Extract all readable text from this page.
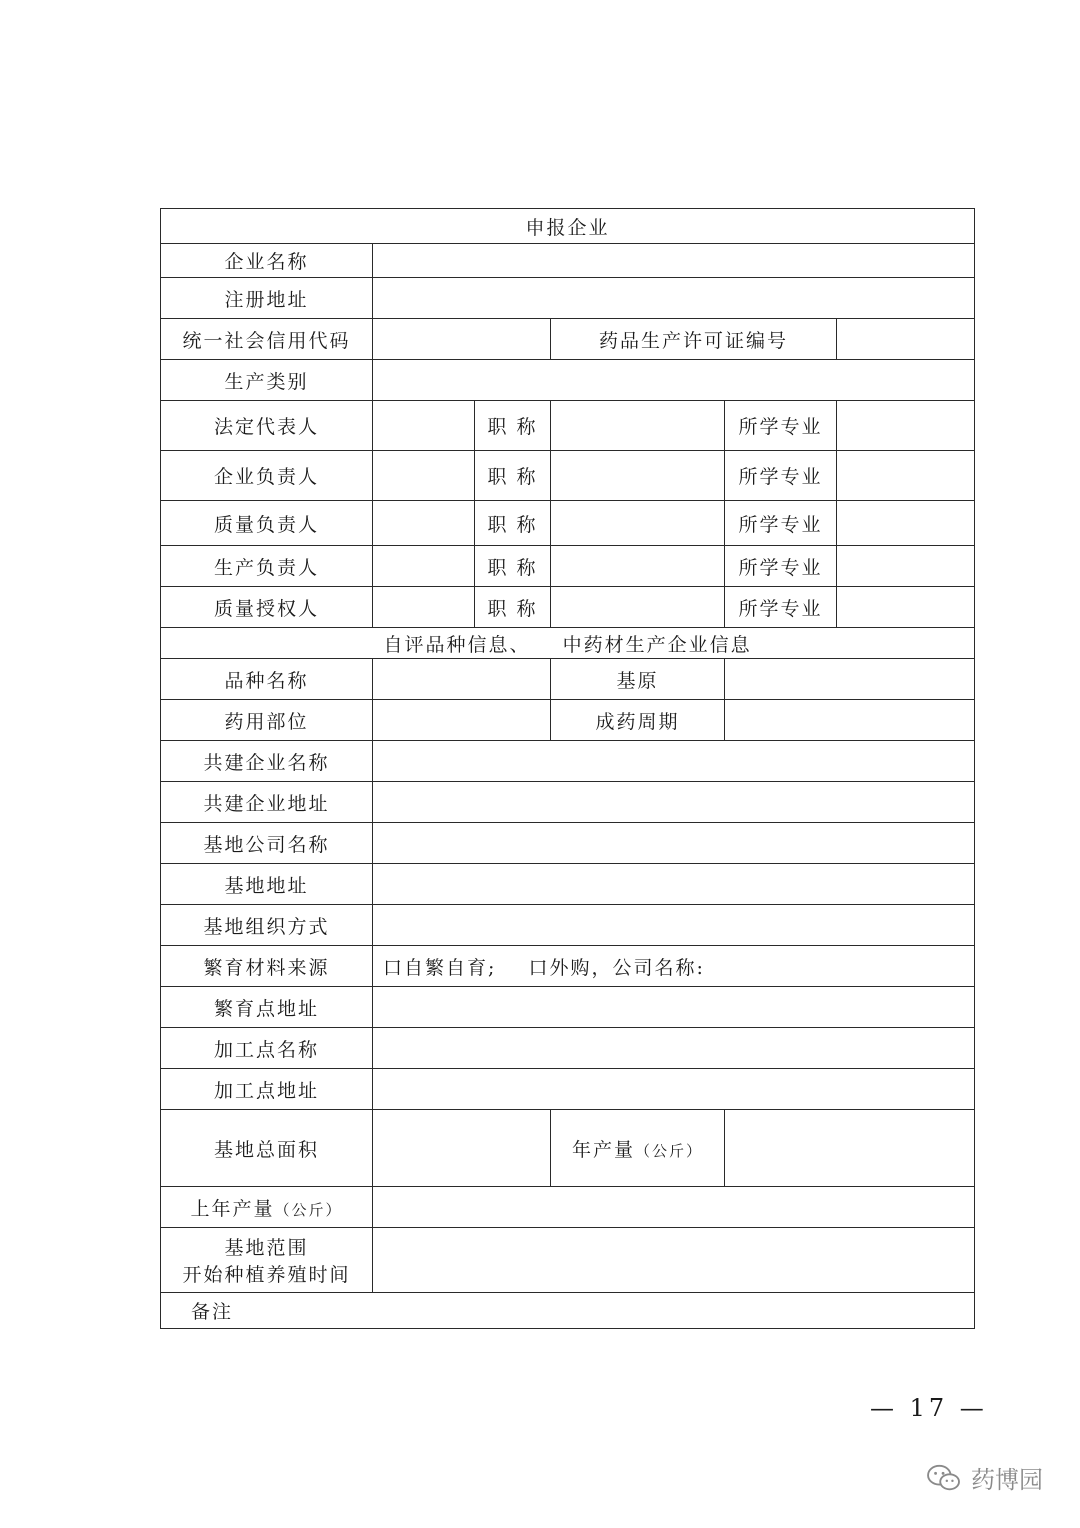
申报企业					
企业名称					
注册地址					
统一社会信用代码			药品生产许可证编号		
生产类别					
法定代表人		职 称		所学专业	
企业负责人		职 称		所学专业	
质量负责人		职 称		所学专业	
生产负责人		职 称		所学专业	
质量授权人		职 称		所学专业	
自评品种信息、    中药材生产企业信息					
品种名称			基原		
药用部位			成药周期		
共建企业名称					
共建企业地址					
基地公司名称					
基地地址					
基地组织方式					
繁育材料来源	口自繁自育;    口外购，公司名称:				
繁育点地址					
加工点名称					
加工点地址					
基地总面积			年产量（公斤）		
上年产量（公斤）					

基地范围
开始种植养殖时间					

备注					
— 17 —
药博园
